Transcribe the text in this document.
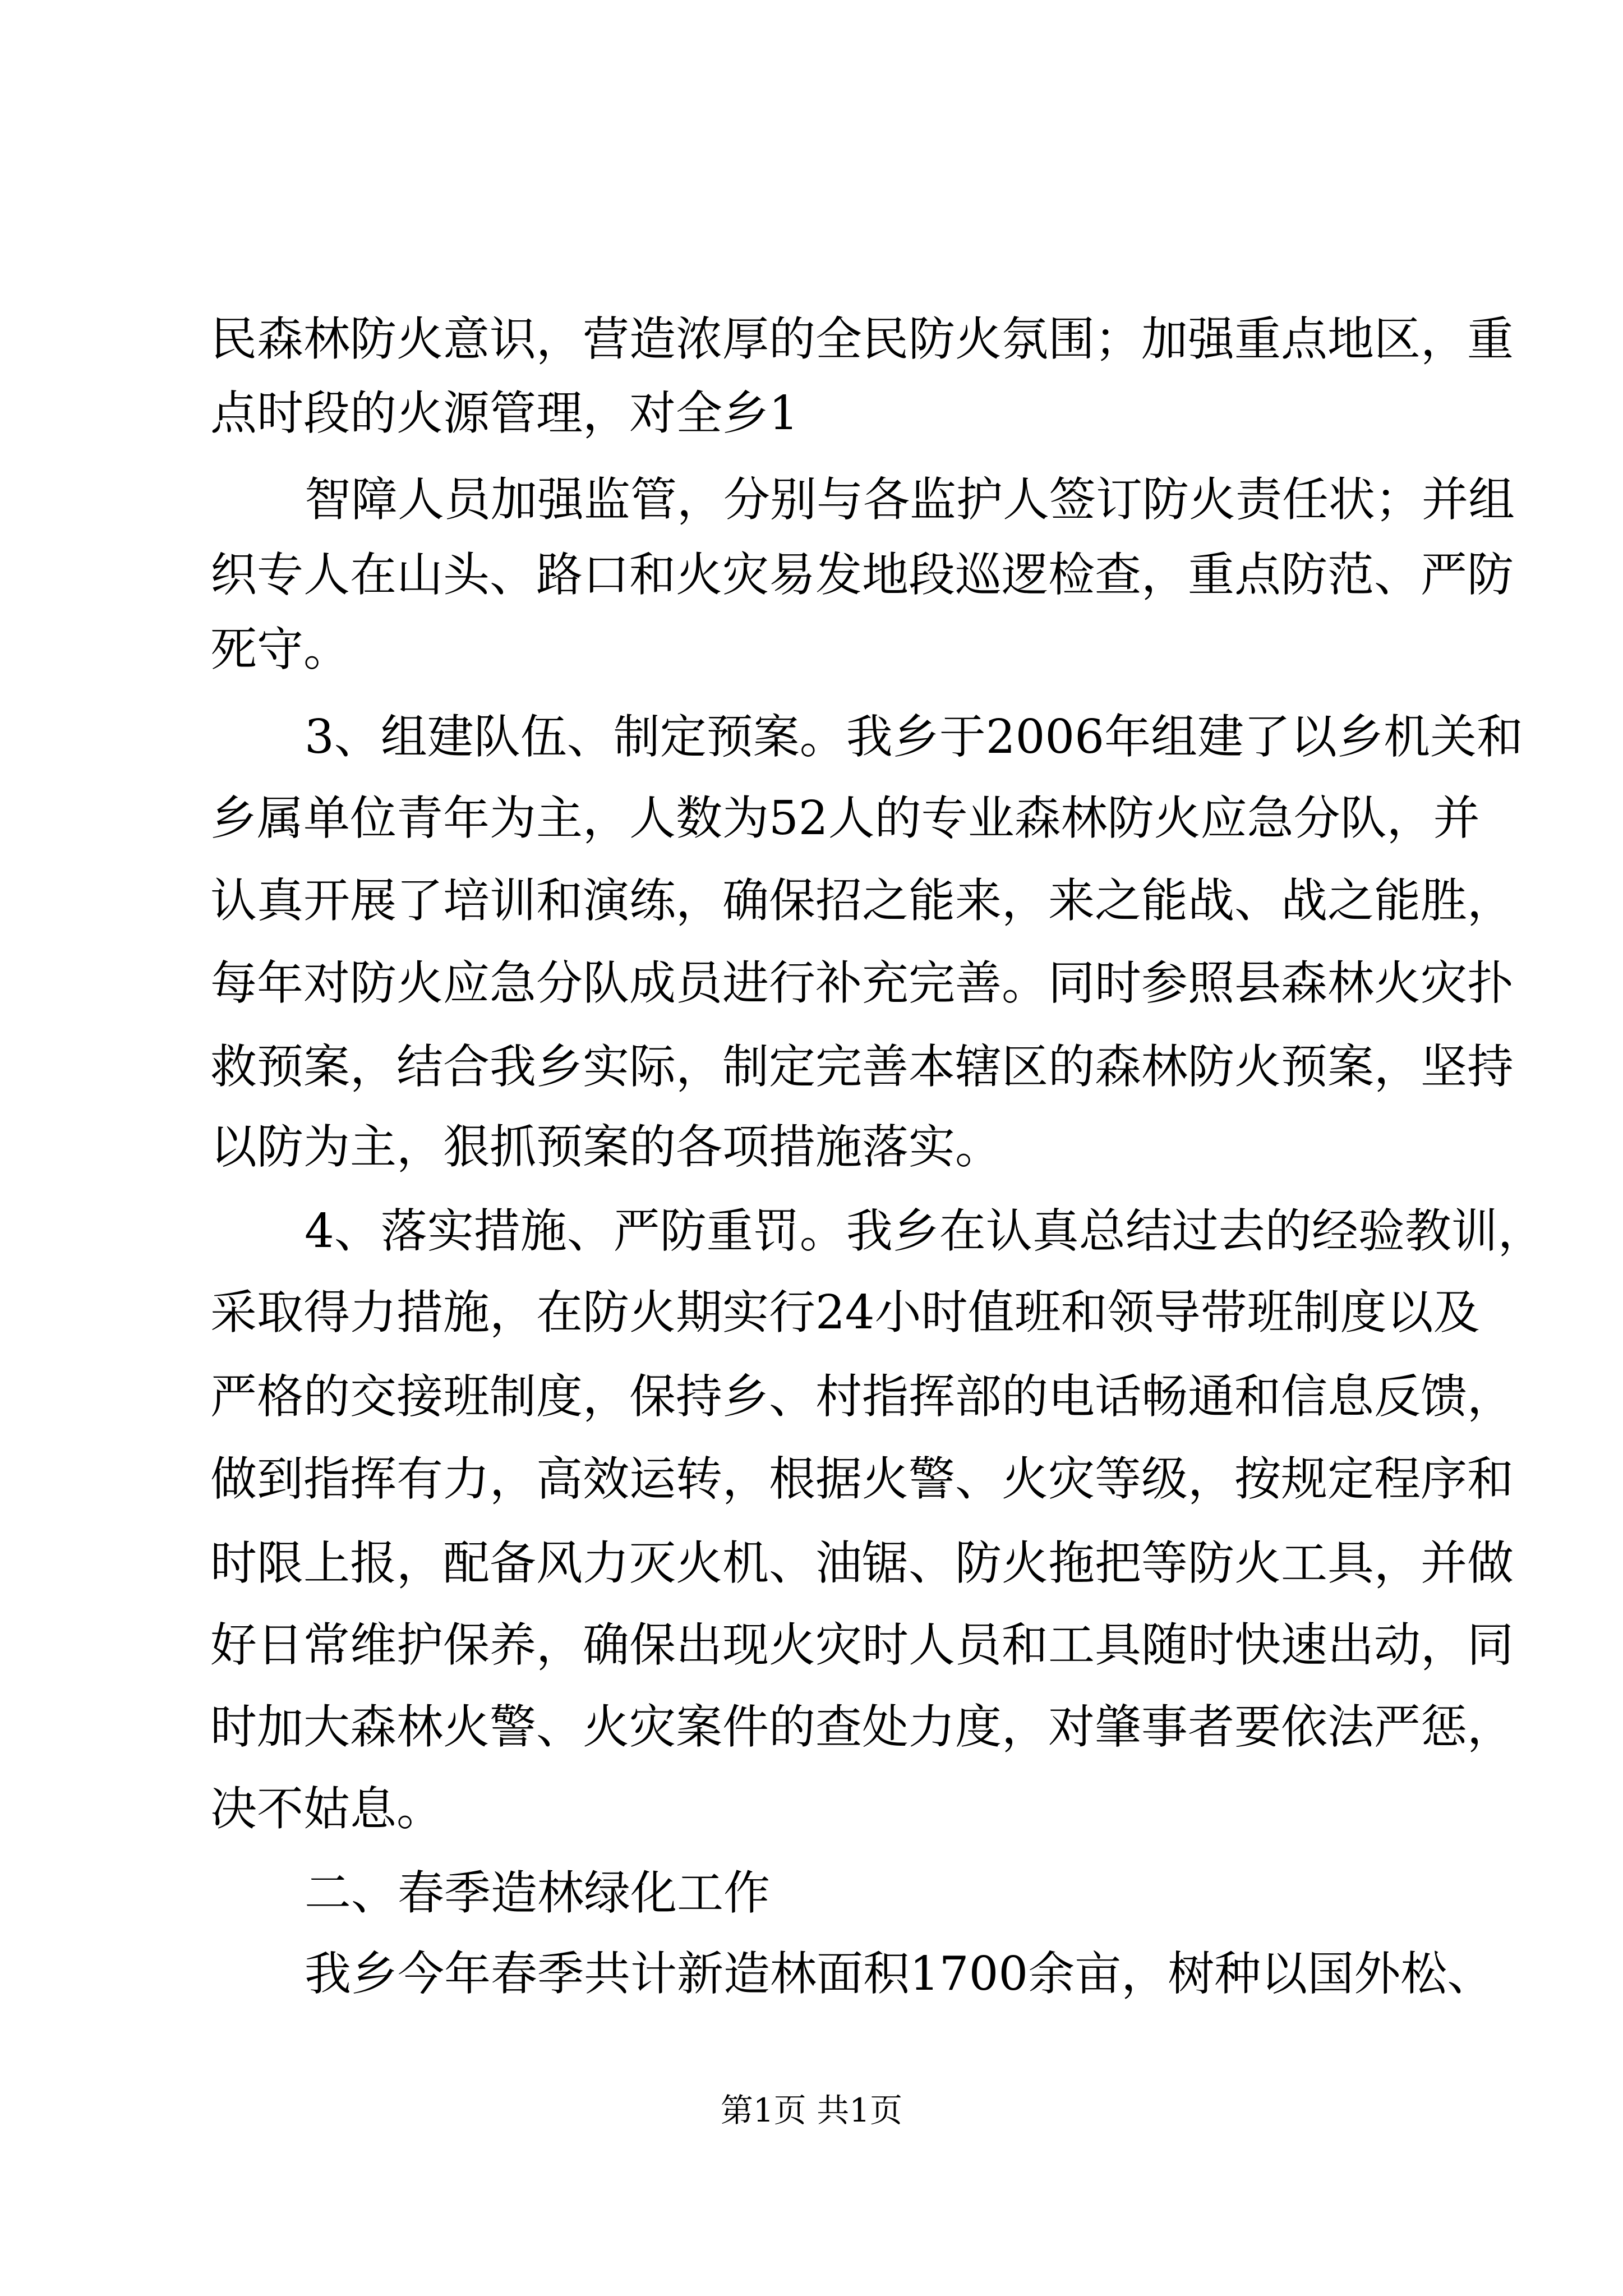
民森林防火意识，营造浓厚的全民防火氛围；加强重点地区，重
点时段的火源管理，对全乡1
智障人员加强监管，分别与各监护人签订防火责任状；并组
织专人在山头、路口和火灾易发地段巡逻检查，重点防范、严防
死守。
3、组建队伍、制定预案。我乡于2006年组建了以乡机关和
乡属单位青年为主，人数为52人的专业森林防火应急分队，并
认真开展了培训和演练，确保招之能来，来之能战、战之能胜，
每年对防火应急分队成员进行补充完善。同时参照县森林火灾扑
救预案，结合我乡实际，制定完善本辖区的森林防火预案，坚持
以防为主，狠抓预案的各项措施落实。
4、落实措施、严防重罚。我乡在认真总结过去的经验教训，
采取得力措施，在防火期实行24小时值班和领导带班制度以及
严格的交接班制度，保持乡、村指挥部的电话畅通和信息反馈，
做到指挥有力，高效运转，根据火警、火灾等级，按规定程序和
时限上报，配备风力灭火机、油锯、防火拖把等防火工具，并做
好日常维护保养，确保出现火灾时人员和工具随时快速出动，同
时加大森林火警、火灾案件的查处力度，对肇事者要依法严惩，
决不姑息。
二、春季造林绿化工作
我乡今年春季共计新造林面积1700余亩，树种以国外松、
第1页 共1页
